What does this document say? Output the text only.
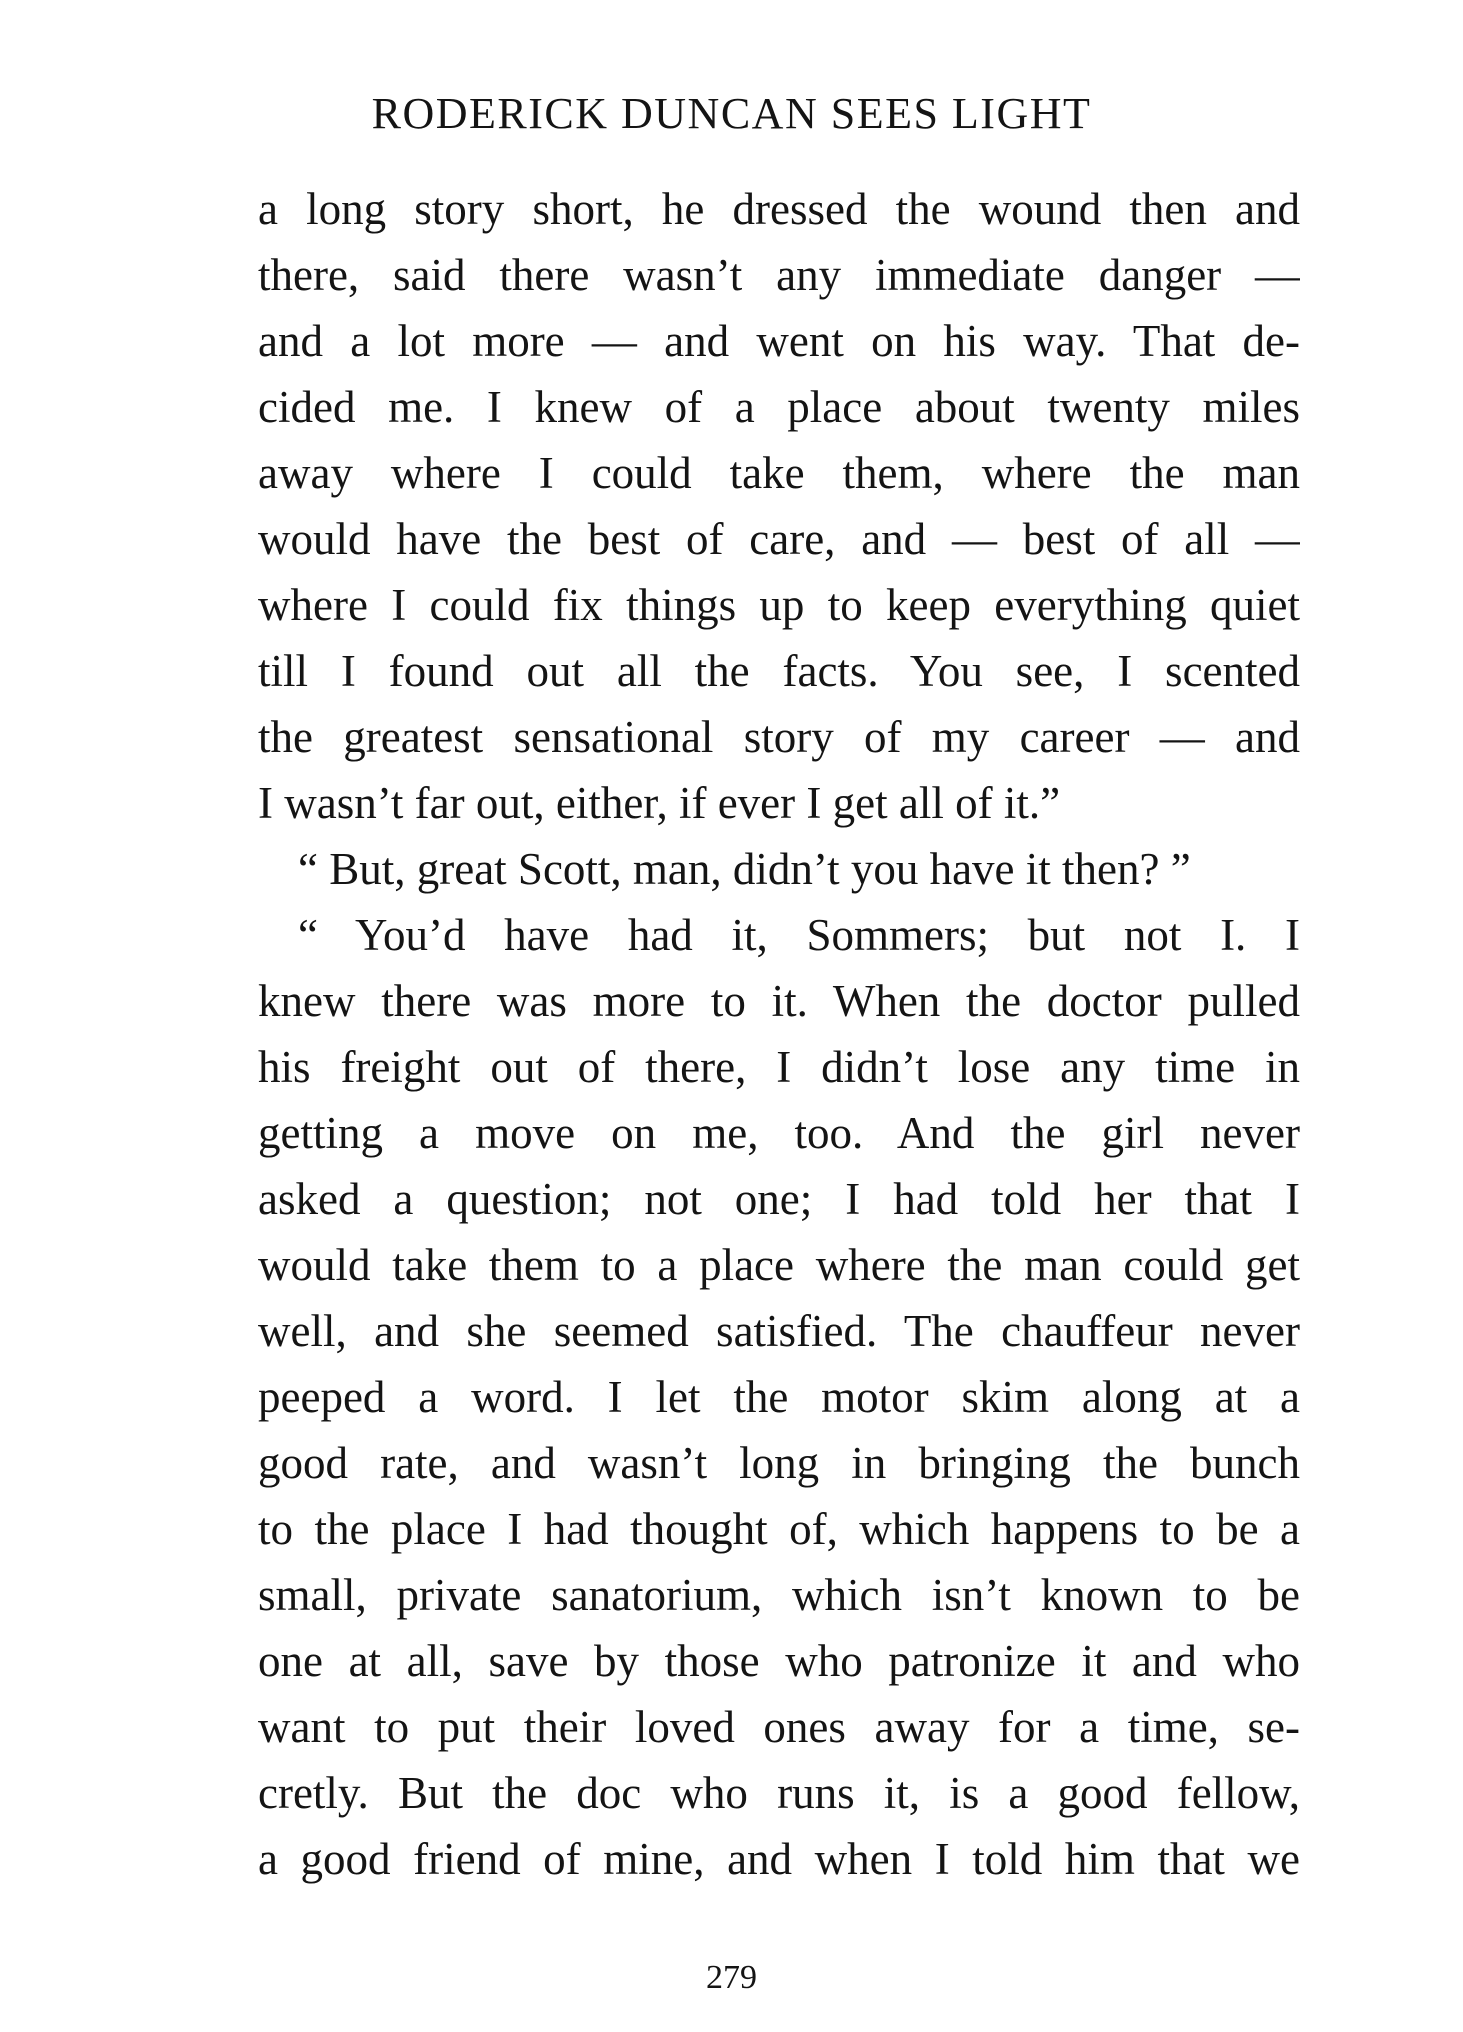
RODERICK DUNCAN SEES LIGHT
a long story short, he dressed the wound then and
there, said there wasn’t any immediate danger —
and a lot more — and went on his way. That de-
cided me. I knew of a place about twenty miles
away where I could take them, where the man
would have the best of care, and — best of all —
where I could fix things up to keep everything quiet
till I found out all the facts. You see, I scented
the greatest sensational story of my career — and
I wasn’t far out, either, if ever I get all of it.”
“ But, great Scott, man, didn’t you have it then? ”
“ You’d have had it, Sommers; but not I. I
knew there was more to it. When the doctor pulled
his freight out of there, I didn’t lose any time in
getting a move on me, too. And the girl never
asked a question; not one; I had told her that I
would take them to a place where the man could get
well, and she seemed satisfied. The chauffeur never
peeped a word. I let the motor skim along at a
good rate, and wasn’t long in bringing the bunch
to the place I had thought of, which happens to be a
small, private sanatorium, which isn’t known to be
one at all, save by those who patronize it and who
want to put their loved ones away for a time, se-
cretly. But the doc who runs it, is a good fellow,
a good friend of mine, and when I told him that we
279
